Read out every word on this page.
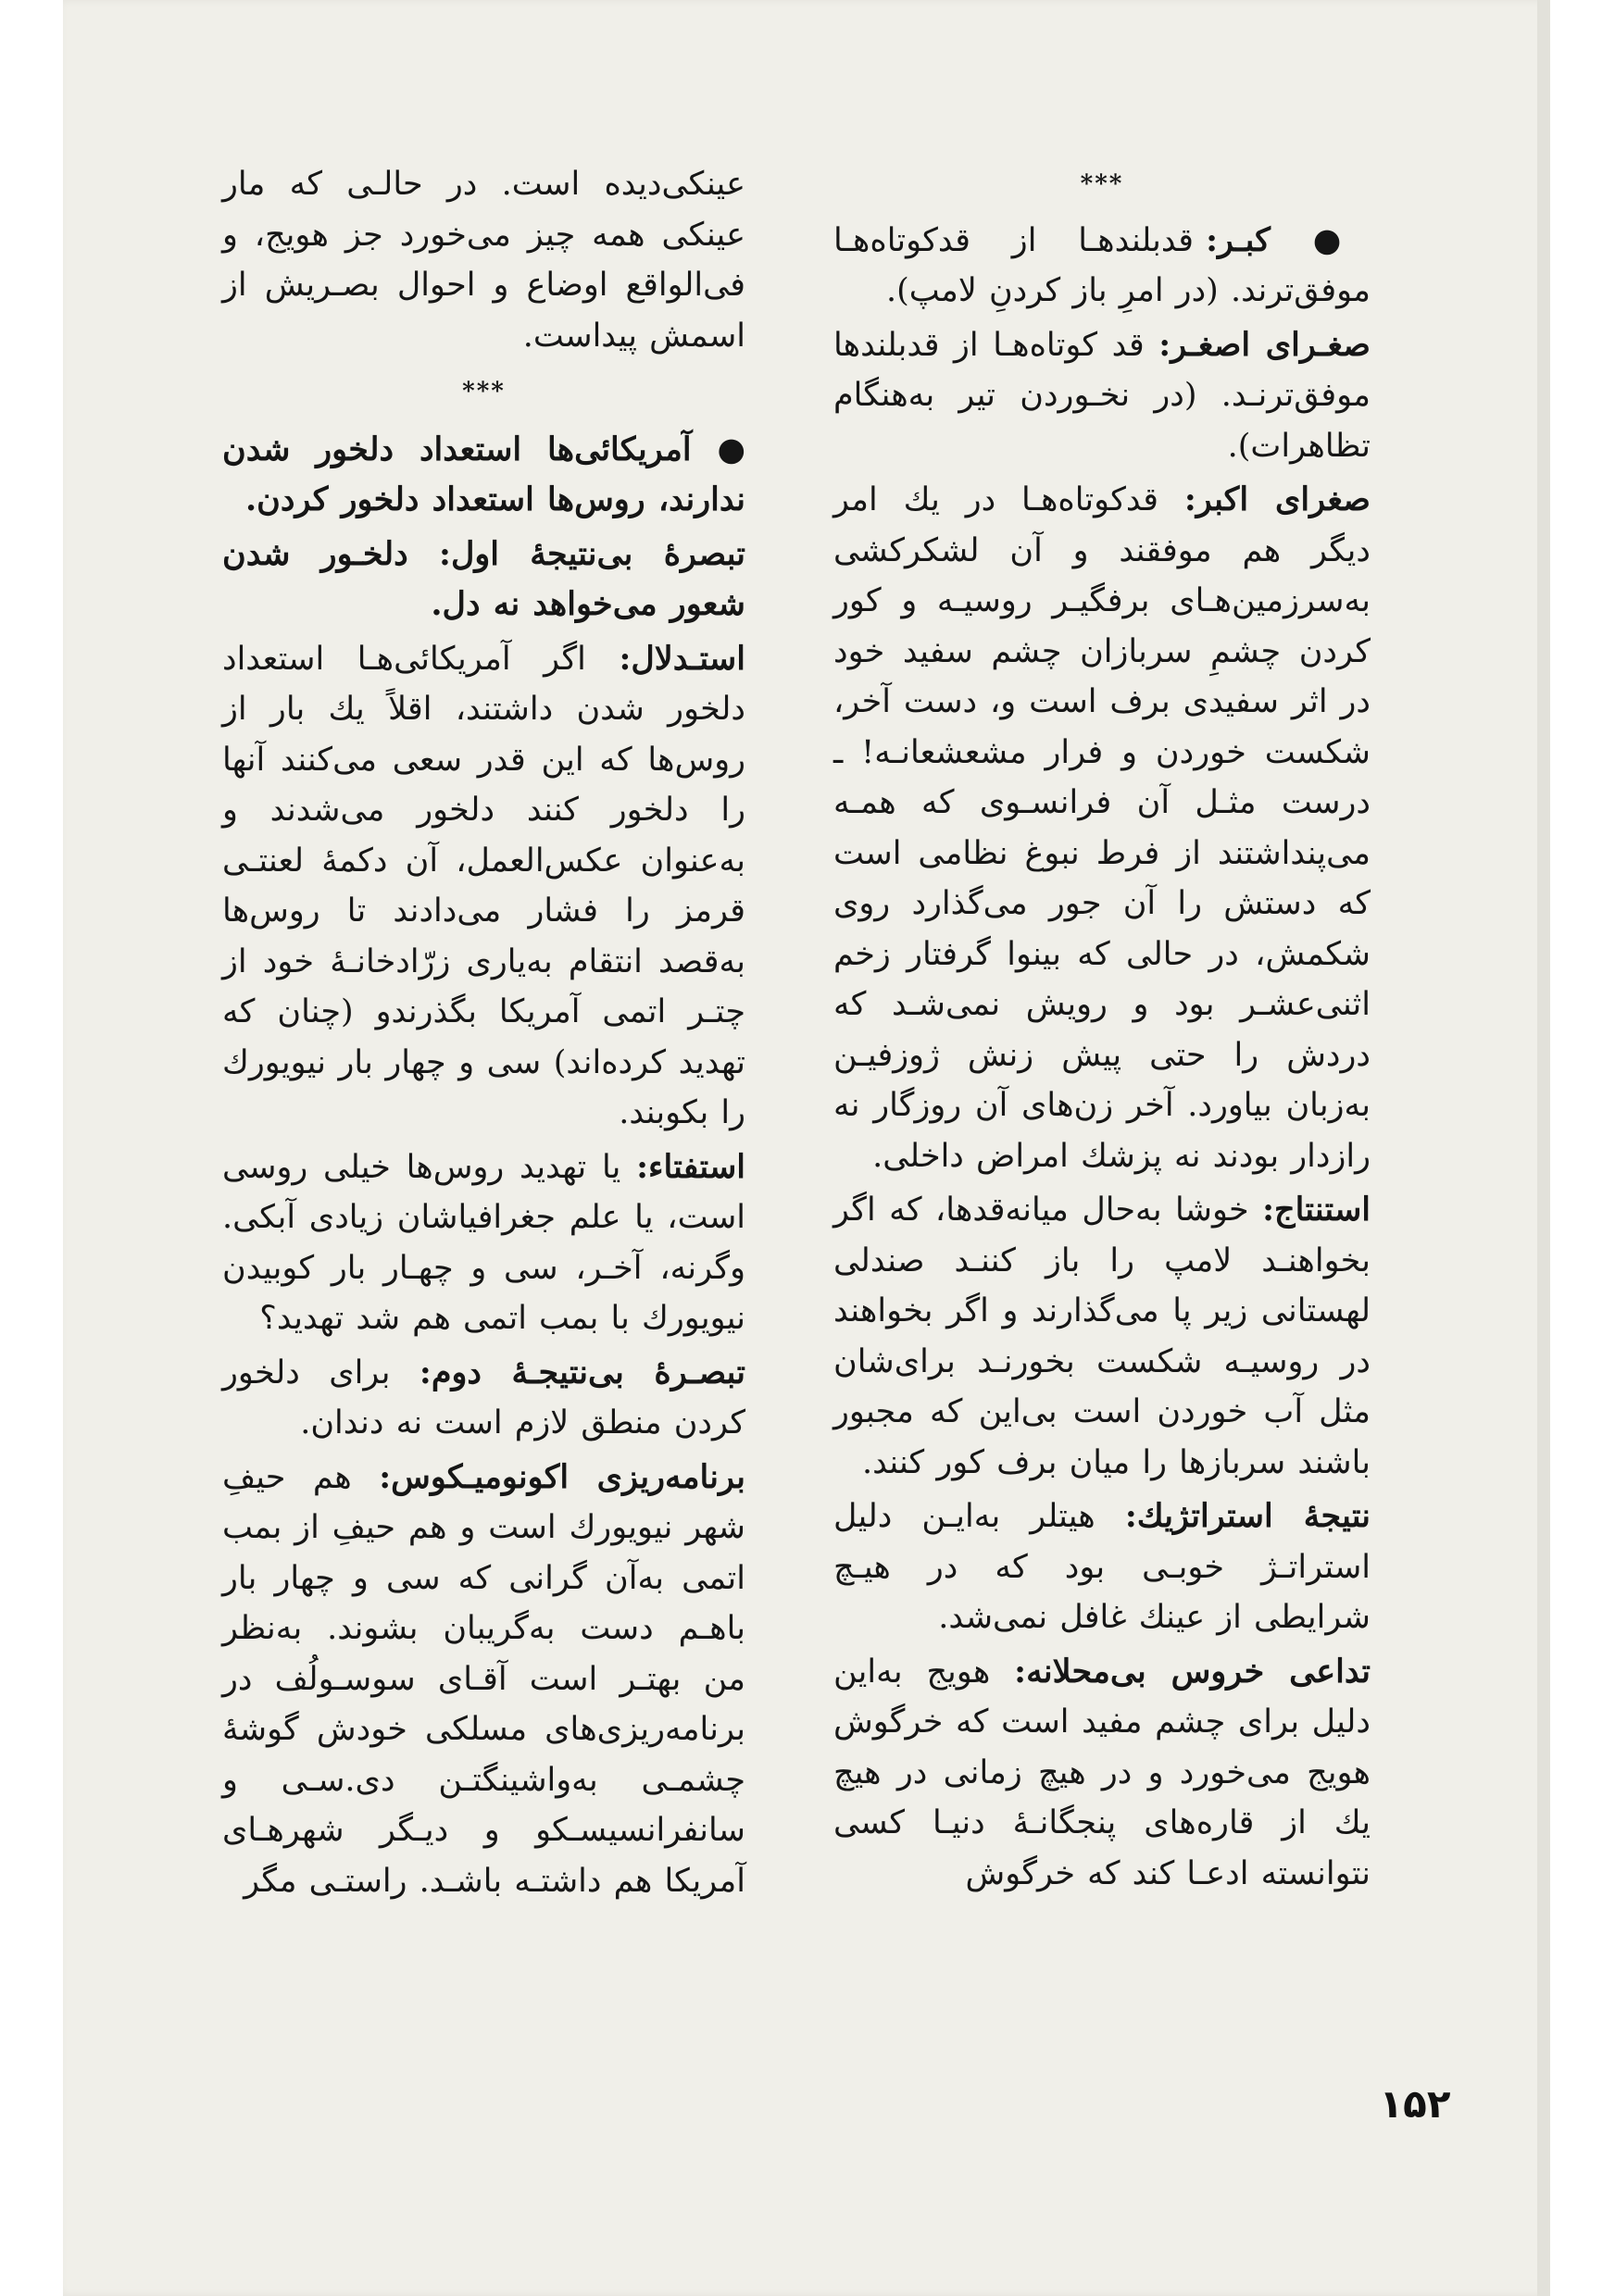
***

● کبـر: قدبلندهـا از قدکوتاه‌هـا موفق‌ترند. (در امرِ باز کردنِ لامپ).

صغـرای اصغـر: قد کوتاه‌هـا از قدبلندها موفق‌ترنـد. (در نخـوردن تیر به‌هنگام تظاهرات).

صغرای اکبر: قدکوتاه‌هـا در یك امر دیگر هم موفقند و آن لشکرکشی به‌سرزمین‌هـای برفگیـر روسیـه و کور کردن چشمِ سربازان چشم سفید خود در اثر سفیدی برف است و، دست آخر، شکست خوردن و فرار مشعشعانـه! ـ درست مثـل آن فرانسـوی که همـه می‌پنداشتند از فرط نبوغ نظامی است که دستش را آن جور می‌گذارد روی شکمش، در حالی که بینوا گرفتار زخم اثنی‌عشـر بود و رویش نمی‌شـد که دردش را حتی پیش زنش ژوزفیـن به‌زبان بیاورد. آخر زن‌های آن روزگار نه رازدار بودند نه پزشك امراض داخلی.

استنتاج: خوشا به‌حال میانه‌قدها، که اگر بخواهنـد لامپ را باز کننـد صندلی لهستانی زیر پا می‌گذارند و اگر بخواهند در روسیـه شکست بخورنـد برای‌شان مثل آب خوردن است بی‌این که مجبور باشند سربازها را میان برف کور کنند.

نتیجهٔ استراتژیك: هیتلر به‌ایـن دلیل استراتـژ خوبـی بود که در هیـچ شرایطی از عینك غافل نمی‌شد.

تداعی خروس بی‌محلانه: هویج به‌این دلیل برای چشم مفید است که خرگوش هویج می‌خورد و در هیچ زمانی در هیچ یك از قاره‌های پنجگانـهٔ دنیـا کسی نتوانسته ادعـا کند که خرگوش

عینکی‌دیده است. در حالـی که مار عینکی همه چیز می‌خورد جز هویج، و فی‌الواقع اوضاع و احوال بصـریش از اسمش پیداست.

***

● آمریکائی‌ها استعداد دلخور شدن ندارند، روس‌ها استعداد دلخور کردن.

تبصرهٔ بی‌نتیجهٔ اول: دلخـور شدن شعور می‌خواهد نه دل.

استـدلال: اگر آمریکائی‌هـا استعداد دلخور شدن داشتند، اقلاً یك بار از روس‌ها که این قدر سعی می‌کنند آنها را دلخور کنند دلخور می‌شدند و به‌عنوان عکس‌العمل، آن دکمهٔ لعنتـی قرمز را فشار می‌دادند تا روس‌ها به‌قصد انتقام به‌یاری زرّادخانـهٔ خود از چتـر اتمی آمریکا بگذرندو (چنان که تهدید کرده‌اند) سی و چهار بار نیویورك را بکوبند.

استفتاء: یا تهدید روس‌ها خیلی روسی است، یا علم جغرافیاشان زیادی آبکی. وگرنه، آخـر، سی و چهـار بار کوبیدن نیویورك با بمب اتمی هم شد تهدید؟

تبصـرهٔ بی‌نتیجـهٔ دوم: برای دلخور کردن منطق لازم است نه دندان.

برنامه‌ریزی اکونومیـکوس: هم حیفِ شهر نیویورك است و هم حیفِ از بمب اتمی به‌آن گرانی که سی و چهار بار باهـم دست به‌گریبان بشوند. به‌نظر من بهتـر است آقـای سوسـولُف در برنامه‌ریزی‌های مسلکی خودش گوشهٔ چشمـی به‌واشینگتـن دی.سـی و سانفرانسیسـکو و دیـگر شهرهـای آمریکا هم داشتـه باشـد. راستـی مگر

۱۵۲
